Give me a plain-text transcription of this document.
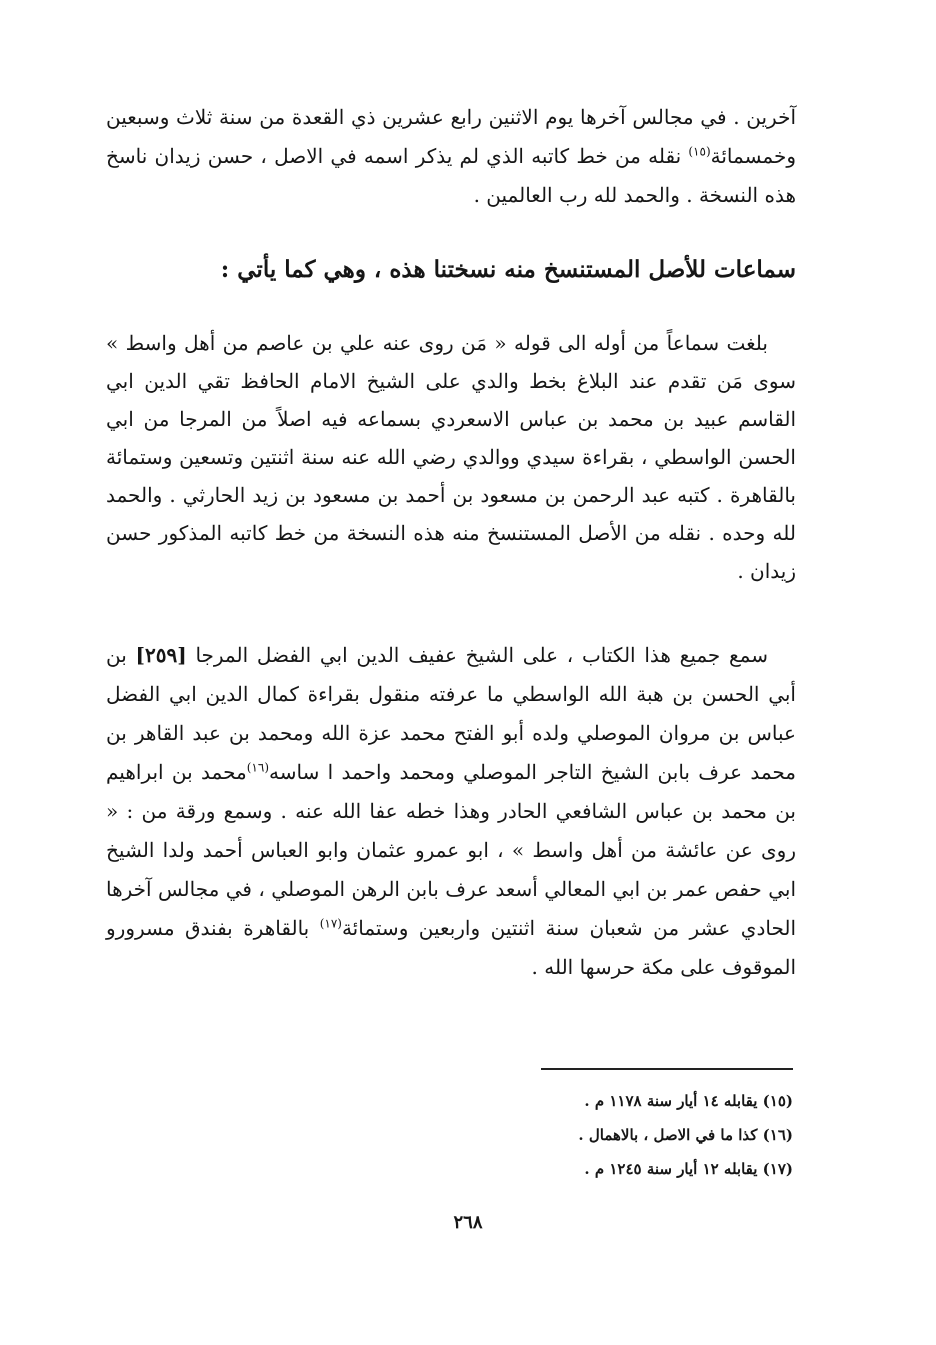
آخرين . في مجالس آخرها يوم الاثنين رابع عشرين ذي القعدة من سنة ثلاث وسبعين وخمسمائة$^{(١٥)}$ نقله من خط كاتبه الذي لم يذكر اسمه في الاصل ، حسن زيدان ناسخ هذه النسخة . والحمد لله رب العالمين .

سماعات للأصل المستنسخ منه نسختنا هذه ، وهي كما يأتي :

بلغت سماعاً من أوله الى قوله « مَن روى عنه علي بن عاصم من أهل واسط » سوى مَن تقدم عند البلاغ بخط والدي على الشيخ الامام الحافظ تقي الدين ابي القاسم عبيد بن محمد بن عباس الاسعردي بسماعه فيه اصلاً من المرجا من ابي الحسن الواسطي ، بقراءة سيدي ووالدي رضي الله عنه سنة اثنتين وتسعين وستمائة بالقاهرة . كتبه عبد الرحمن بن مسعود بن أحمد بن مسعود بن زيد الحارثي . والحمد لله وحده . نقله من الأصل المستنسخ منه هذه النسخة من خط كاتبه المذكور حسن زيدان .

سمع جميع هذا الكتاب ، على الشيخ عفيف الدين ابي الفضل المرجا [٢٥٩] بن أبي الحسن بن هبة الله الواسطي ما عرفته منقول بقراءة كمال الدين ابي الفضل عباس بن مروان الموصلي ولده أبو الفتح محمد عزة الله ومحمد بن عبد القاهر بن محمد عرف بابن الشيخ التاجر الموصلي ومحمد واحمد ا ساسه$^{(١٦)}$محمد بن ابراهيم بن محمد بن عباس الشافعي الحادر وهذا خطه عفا الله عنه . وسمع ورقة من : « روى عن عائشة من أهل واسط » ، ابو عمرو عثمان وابو العباس أحمد ولدا الشيخ ابي حفص عمر بن ابي المعالي أسعد عرف بابن الرهن الموصلي ، في مجالس آخرها الحادي عشر من شعبان سنة اثنتين واربعين وستمائة$^{(١٧)}$ بالقاهرة بفندق مسرورو الموقوف على مكة حرسها الله .

(١٥) يقابله ١٤ أيار سنة ١١٧٨ م .
(١٦) كذا ما في الاصل ، بالاهمال .
(١٧) يقابله ١٢ أيار سنة ١٢٤٥ م .
٢٦٨
